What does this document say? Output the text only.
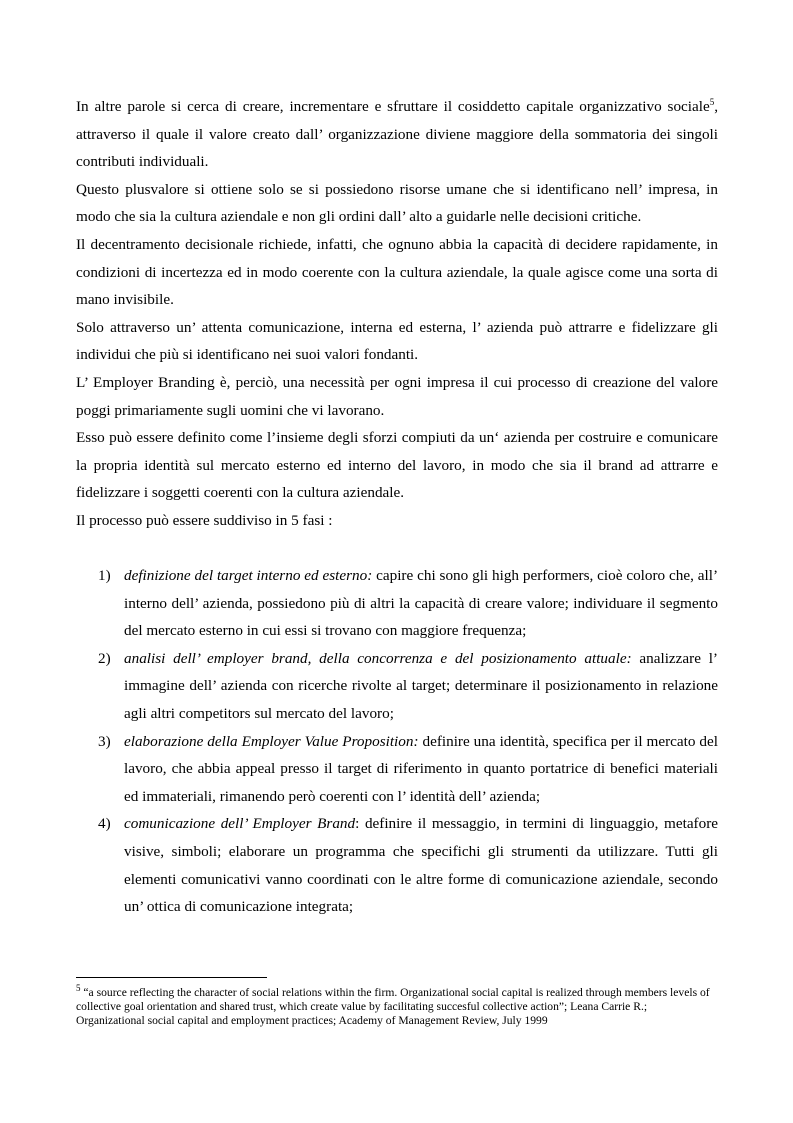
In altre parole si cerca di creare, incrementare e sfruttare il cosiddetto capitale organizzativo sociale$^5$, attraverso il quale il valore creato dall’ organizzazione diviene maggiore della sommatoria dei singoli contributi individuali.

Questo plusvalore si ottiene solo se si possiedono risorse umane che si identificano nell’ impresa, in modo che sia la cultura aziendale e non gli ordini dall’ alto a guidarle nelle decisioni critiche.

Il decentramento decisionale richiede, infatti, che ognuno abbia la capacità di decidere rapidamente, in condizioni di incertezza ed in modo coerente con la cultura aziendale, la quale agisce come una sorta di mano invisibile.

Solo attraverso un’ attenta comunicazione, interna ed esterna, l’ azienda può attrarre e fidelizzare gli individui che più si identificano nei suoi valori fondanti.

L’ Employer Branding è, perciò, una necessità per ogni impresa il cui processo di creazione del valore poggi primariamente sugli uomini che vi lavorano.

Esso può essere definito come l’insieme degli sforzi compiuti da un‘ azienda per costruire e comunicare la propria identità sul mercato esterno ed interno del lavoro, in modo che sia il brand ad attrarre e fidelizzare i soggetti coerenti con la cultura aziendale.

Il processo può essere suddiviso in 5 fasi :

1) definizione del target interno ed esterno: capire chi sono gli high performers, cioè coloro che, all’ interno dell’ azienda, possiedono più di altri la capacità di creare valore; individuare il segmento del mercato esterno in cui essi si trovano con maggiore frequenza;
2) analisi dell’ employer brand, della concorrenza e del posizionamento attuale: analizzare l’ immagine dell’ azienda con ricerche rivolte al target; determinare il posizionamento in relazione agli altri competitors sul mercato del lavoro;
3) elaborazione della Employer Value Proposition: definire una identità, specifica per il mercato del lavoro, che abbia appeal presso il target di riferimento in quanto portatrice di benefici materiali ed immateriali, rimanendo però coerenti con l’ identità dell’ azienda;
4) comunicazione dell’ Employer Brand: definire il messaggio, in termini di linguaggio, metafore visive, simboli; elaborare un programma che specifichi gli strumenti da utilizzare. Tutti gli elementi comunicativi vanno coordinati con le altre forme di comunicazione aziendale, secondo un’ ottica di comunicazione integrata;

$^5$ “a source reflecting the character of social relations within the firm. Organizational social capital is realized through members levels of collective goal orientation and shared trust, which create value by facilitating succesful collective action”; Leana Carrie R.; Organizational social capital and employment practices; Academy of Management Review, July 1999
